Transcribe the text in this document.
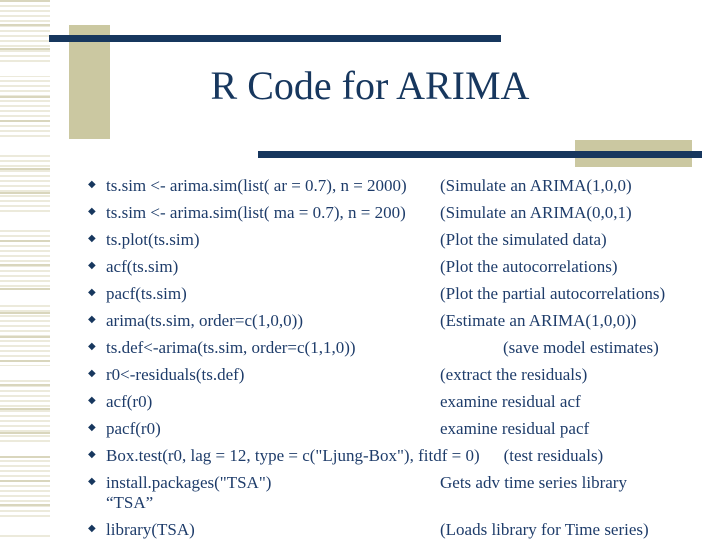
R Code for ARIMA
◆ ts.sim <- arima.sim(list( ar = 0.7), n = 2000)	(Simulate an ARIMA(1,0,0)
◆ ts.sim <- arima.sim(list( ma = 0.7), n = 200)	(Simulate an ARIMA(0,0,1)
◆ ts.plot(ts.sim)	(Plot the simulated data)
◆ acf(ts.sim)	(Plot the autocorrelations)
◆ pacf(ts.sim)	(Plot the partial autocorrelations)
◆ arima(ts.sim, order=c(1,0,0))	(Estimate an ARIMA(1,0,0))
◆ ts.def<-arima(ts.sim, order=c(1,1,0))	(save model estimates)
◆ r0<-residuals(ts.def)	(extract the residuals)
◆ acf(r0)	examine residual acf
◆ pacf(r0)	examine residual pacf
◆ Box.test(r0, lag = 12, type = c("Ljung-Box"), fitdf = 0) (test residuals)
◆ install.packages("TSA")	Gets adv time series library
“TSA”
◆ library(TSA)	(Loads library for Time series)
